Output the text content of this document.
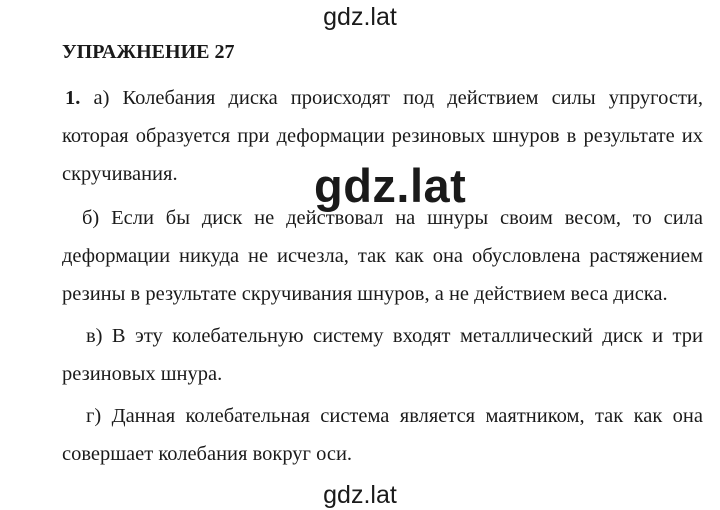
gdz.lat
УПРАЖНЕНИЕ 27

1. а) Колебания диска происходят под действием силы упругости, которая образуется при деформации резиновых шнуров в результате их скручивания.

б) Если бы диск не действовал на шнуры своим весом, то сила деформации никуда не исчезла, так как она обусловлена растяжением резины в результате скручивания шнуров, а не действием веса диска.

в) В эту колебательную систему входят металлический диск и три резиновых шнура.

г) Данная колебательная система является маятником, так как она совершает колебания вокруг оси.

gdz.lat
gdz.lat
